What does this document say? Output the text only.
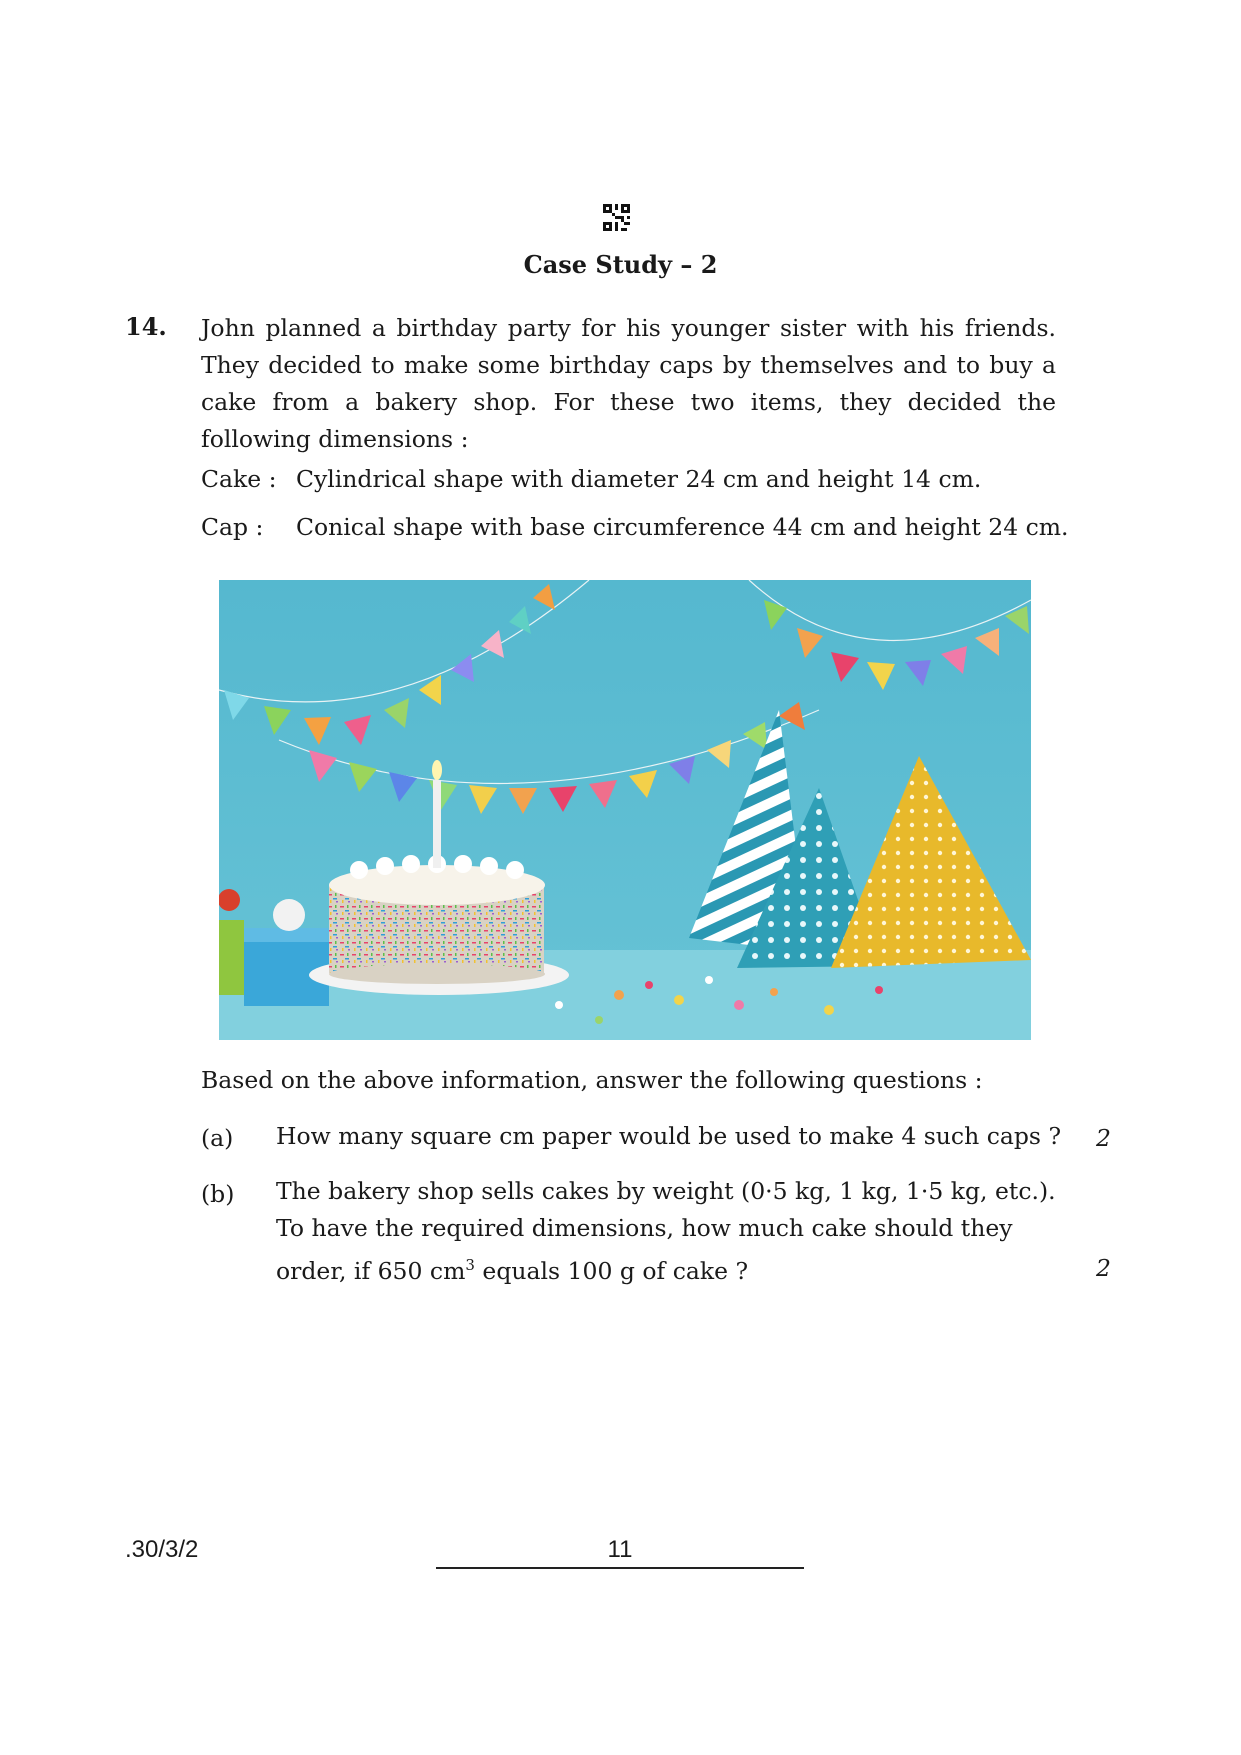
Case Study – 2
14. John planned a birthday party for his younger sister with his friends. They decided to make some birthday caps by themselves and to buy a cake from a bakery shop. For these two items, they decided the following dimensions :
Cake : Cylindrical shape with diameter 24 cm and height 14 cm.
Cap : Conical shape with base circumference 44 cm and height 24 cm.
Based on the above information, answer the following questions :
(a) How many square cm paper would be used to make 4 such caps ? 2
(b) The bakery shop sells cakes by weight (0·5 kg, 1 kg, 1·5 kg, etc.). To have the required dimensions, how much cake should they order, if 650 $cm^3$ equals 100 g of cake ?	2
.30/3/2	11
